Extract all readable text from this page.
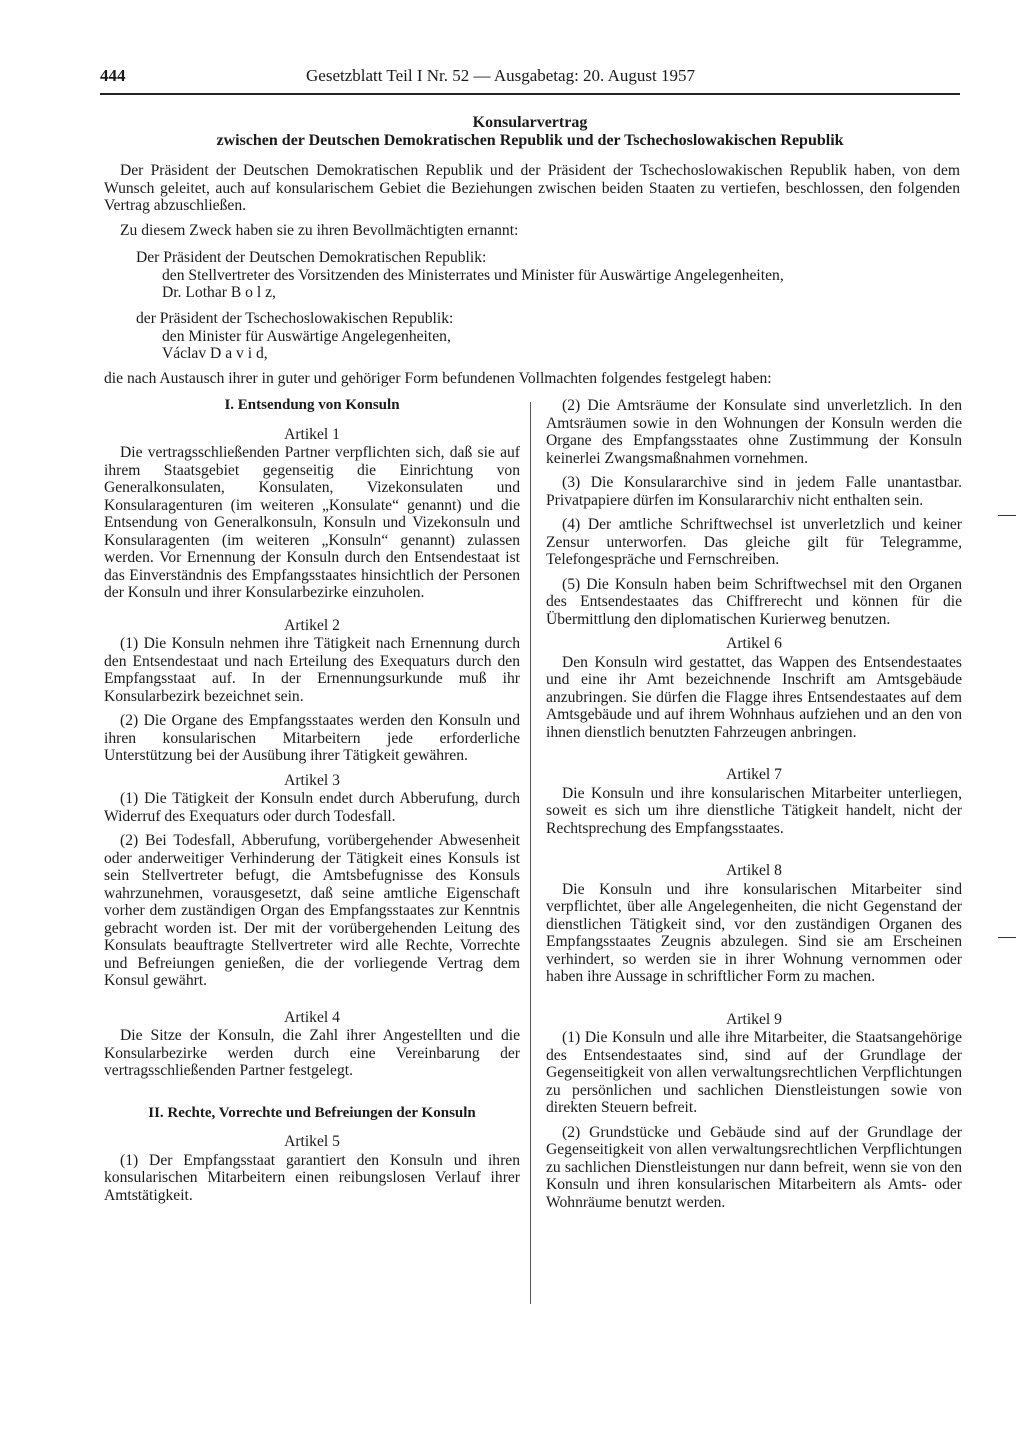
444	Gesetzblatt Teil I Nr. 52 — Ausgabetag: 20. August 1957
Konsularvertrag
zwischen der Deutschen Demokratischen Republik und der Tschechoslowakischen Republik
Der Präsident der Deutschen Demokratischen Republik und der Präsident der Tschechoslowakischen Republik haben, von dem Wunsch geleitet, auch auf konsularischem Gebiet die Beziehungen zwischen beiden Staaten zu vertiefen, beschlossen, den folgenden Vertrag abzuschließen.
Zu diesem Zweck haben sie zu ihren Bevollmächtigten ernannt:
Der Präsident der Deutschen Demokratischen Republik:
den Stellvertreter des Vorsitzenden des Ministerrates und Minister für Auswärtige Angelegenheiten,
Dr. Lothar B o l z,
der Präsident der Tschechoslowakischen Republik:
den Minister für Auswärtige Angelegenheiten,
Václav D a v i d,
die nach Austausch ihrer in guter und gehöriger Form befundenen Vollmachten folgendes festgelegt haben:
I. Entsendung von Konsuln
Artikel 1
Die vertragsschließenden Partner verpflichten sich, daß sie auf ihrem Staatsgebiet gegenseitig die Einrichtung von Generalkonsulaten, Konsulaten, Vizekonsulaten und Konsularagenturen (im weiteren „Konsulate“ genannt) und die Entsendung von Generalkonsuln, Konsuln und Vizekonsuln und Konsularagenten (im weiteren „Konsuln“ genannt) zulassen werden. Vor Ernennung der Konsuln durch den Entsendestaat ist das Einverständnis des Empfangsstaates hinsichtlich der Personen der Konsuln und ihrer Konsularbezirke einzuholen.
Artikel 2
(1) Die Konsuln nehmen ihre Tätigkeit nach Ernennung durch den Entsendestaat und nach Erteilung des Exequaturs durch den Empfangsstaat auf. In der Ernennungsurkunde muß ihr Konsularbezirk bezeichnet sein.
(2) Die Organe des Empfangsstaates werden den Konsuln und ihren konsularischen Mitarbeitern jede erforderliche Unterstützung bei der Ausübung ihrer Tätigkeit gewähren.
Artikel 3
(1) Die Tätigkeit der Konsuln endet durch Abberufung, durch Widerruf des Exequaturs oder durch Todesfall.
(2) Bei Todesfall, Abberufung, vorübergehender Abwesenheit oder anderweitiger Verhinderung der Tätigkeit eines Konsuls ist sein Stellvertreter befugt, die Amtsbefugnisse des Konsuls wahrzunehmen, vorausgesetzt, daß seine amtliche Eigenschaft vorher dem zuständigen Organ des Empfangsstaates zur Kenntnis gebracht worden ist. Der mit der vorübergehenden Leitung des Konsulats beauftragte Stellvertreter wird alle Rechte, Vorrechte und Befreiungen genießen, die der vorliegende Vertrag dem Konsul gewährt.
Artikel 4
Die Sitze der Konsuln, die Zahl ihrer Angestellten und die Konsularbezirke werden durch eine Vereinbarung der vertragsschließenden Partner festgelegt.
II. Rechte, Vorrechte und Befreiungen der Konsuln
Artikel 5
(1) Der Empfangsstaat garantiert den Konsuln und ihren konsularischen Mitarbeitern einen reibungslosen Verlauf ihrer Amtstätigkeit.
(2) Die Amtsräume der Konsulate sind unverletzlich. In den Amtsräumen sowie in den Wohnungen der Konsuln werden die Organe des Empfangsstaates ohne Zustimmung der Konsuln keinerlei Zwangsmaßnahmen vornehmen.
(3) Die Konsulararchive sind in jedem Falle unantastbar. Privatpapiere dürfen im Konsulararchiv nicht enthalten sein.
(4) Der amtliche Schriftwechsel ist unverletzlich und keiner Zensur unterworfen. Das gleiche gilt für Telegramme, Telefongespräche und Fernschreiben.
(5) Die Konsuln haben beim Schriftwechsel mit den Organen des Entsendestaates das Chiffrerecht und können für die Übermittlung den diplomatischen Kurierweg benutzen.
Artikel 6
Den Konsuln wird gestattet, das Wappen des Entsendestaates und eine ihr Amt bezeichnende Inschrift am Amtsgebäude anzubringen. Sie dürfen die Flagge ihres Entsendestaates auf dem Amtsgebäude und auf ihrem Wohnhaus aufziehen und an den von ihnen dienstlich benutzten Fahrzeugen anbringen.
Artikel 7
Die Konsuln und ihre konsularischen Mitarbeiter unterliegen, soweit es sich um ihre dienstliche Tätigkeit handelt, nicht der Rechtsprechung des Empfangsstaates.
Artikel 8
Die Konsuln und ihre konsularischen Mitarbeiter sind verpflichtet, über alle Angelegenheiten, die nicht Gegenstand der dienstlichen Tätigkeit sind, vor den zuständigen Organen des Empfangsstaates Zeugnis abzulegen. Sind sie am Erscheinen verhindert, so werden sie in ihrer Wohnung vernommen oder haben ihre Aussage in schriftlicher Form zu machen.
Artikel 9
(1) Die Konsuln und alle ihre Mitarbeiter, die Staatsangehörige des Entsendestaates sind, sind auf der Grundlage der Gegenseitigkeit von allen verwaltungsrechtlichen Verpflichtungen zu persönlichen und sachlichen Dienstleistungen sowie von direkten Steuern befreit.
(2) Grundstücke und Gebäude sind auf der Grundlage der Gegenseitigkeit von allen verwaltungsrechtlichen Verpflichtungen zu sachlichen Dienstleistungen nur dann befreit, wenn sie von den Konsuln und ihren konsularischen Mitarbeitern als Amts- oder Wohnräume benutzt werden.
